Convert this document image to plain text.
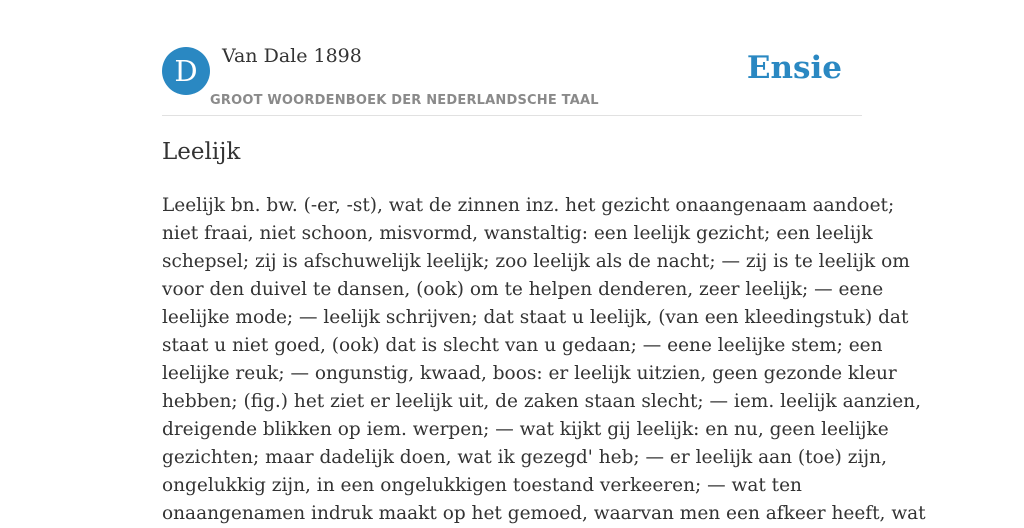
D	Van Dale 1898
GROOT WOORDENBOEK DER NEDERLANDSCHE TAAL
Ensie
Leelijk
Leelijk bn. bw. (-er, -st), wat de zinnen inz. het gezicht onaangenaam aandoet;
niet fraai, niet schoon, misvormd, wanstaltig: een leelijk gezicht; een leelijk
schepsel; zij is afschuwelijk leelijk; zoo leelijk als de nacht; — zij is te leelijk om
voor den duivel te dansen, (ook) om te helpen denderen, zeer leelijk; — eene
leelijke mode; — leelijk schrijven; dat staat u leelijk, (van een kleedingstuk) dat
staat u niet goed, (ook) dat is slecht van u gedaan; — eene leelijke stem; een
leelijke reuk; — ongunstig, kwaad, boos: er leelijk uitzien, geen gezonde kleur
hebben; (fig.) het ziet er leelijk uit, de zaken staan slecht; — iem. leelijk aanzien,
dreigende blikken op iem. werpen; — wat kijkt gij leelijk: en nu, geen leelijke
gezichten; maar dadelijk doen, wat ik gezegd' heb; — er leelijk aan (toe) zijn,
ongelukkig zijn, in een ongelukkigen toestand verkeeren; — wat ten
onaangenamen indruk maakt op het gemoed, waarvan men een afkeer heeft, wat
